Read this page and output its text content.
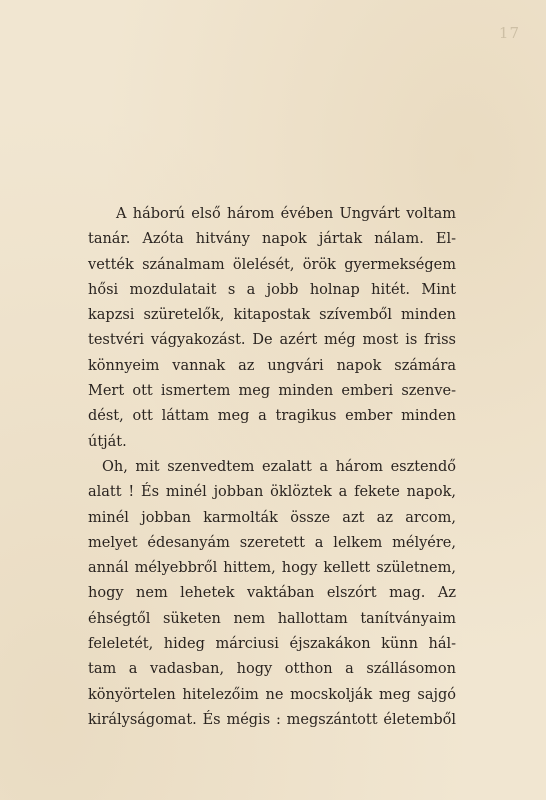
17
A háború első három évében Ungvárt voltam
tanár. Azóta hitvány napok jártak nálam. El-
vették szánalmam ölelését, örök gyermekségem
hősi mozdulatait s a jobb holnap hitét. Mint
kapzsi szüretelők, kitapostak szívemből minden
testvéri vágyakozást. De azért még most is friss
könnyeim vannak az ungvári napok számára
Mert ott ismertem meg minden emberi szenve-
dést, ott láttam meg a tragikus ember minden
útját.
Oh, mit szenvedtem ezalatt a három esztendő
alatt ! És minél jobban öklöztek a fekete napok,
minél jobban karmolták össze azt az arcom,
melyet édesanyám szeretett a lelkem mélyére,
annál mélyebbről hittem, hogy kellett születnem,
hogy nem lehetek vaktában elszórt mag. Az
éhségtől süketen nem hallottam tanítványaim
feleletét, hideg márciusi éjszakákon künn hál-
tam a vadasban, hogy otthon a szállásomon
könyörtelen hitelezőim ne mocskolják meg sajgó
királyságomat. És mégis : megszántott életemből
